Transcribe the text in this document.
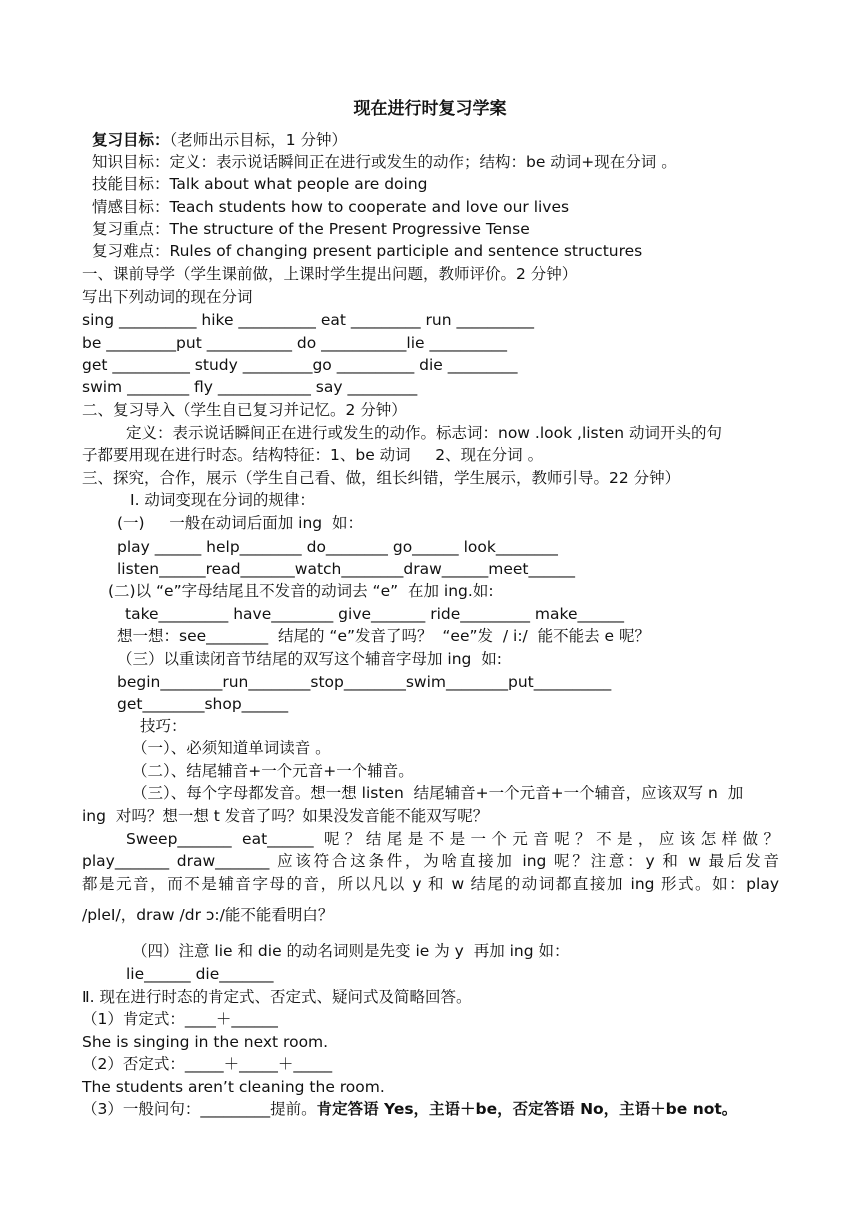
现在进行时复习学案
复习目标：（老师出示目标，1 分钟）
知识目标：定义：表示说话瞬间正在进行或发生的动作；结构：be 动词+现在分词 。
技能目标：Talk about what people are doing
情感目标：Teach students how to cooperate and love our lives
复习重点：The structure of the Present Progressive Tense
复习难点：Rules of changing present participle and sentence structures
一、课前导学（学生课前做，上课时学生提出问题，教师评价。2 分钟）
写出下列动词的现在分词
sing __________ hike __________ eat _________ run __________
be _________put ___________ do ___________lie __________
get __________ study _________go __________ die _________
swim ________ fly ____________ say _________
二、复习导入（学生自已复习并记忆。2 分钟）
定义：表示说话瞬间正在进行或发生的动作。标志词：now .look ,listen 动词开头的句
子都要用现在进行时态。结构特征：1、be 动词     2、现在分词 。
三、探究，合作，展示（学生自己看、做，组长纠错，学生展示，教师引导。22 分钟）
Ⅰ. 动词变现在分词的规律：
(一)     一般在动词后面加 ing  如：
play ______ help________ do________ go______ look________
listen______read_______watch________draw______meet______
(二)以 “e”字母结尾且不发音的动词去 “e”  在加 ing.如:
take_________ have________ give_______ ride_________ make______
想一想：see________  结尾的 “e”发音了吗？  “ee”发  / i:/  能不能去 e 呢？
（三）以重读闭音节结尾的双写这个辅音字母加 ing  如:
begin________run________stop________swim________put__________
get________shop______
技巧：
（一）、必须知道单词读音 。
（二）、结尾辅音+一个元音+一个辅音。
（三）、每个字母都发音。想一想 listen  结尾辅音+一个元音+一个辅音，应该双写 n  加
ing  对吗？想一想 t 发音了吗？如果没发音能不能双写呢？
Sweep_______ eat______ 呢？结尾是不是一个元音呢？不是，应该怎样做？
play_______ draw_______ 应该符合这条件，为啥直接加 ing 呢？注意：y 和 w 最后发音
都是元音，而不是辅音字母的音，所以凡以 y 和 w 结尾的动词都直接加 ing 形式。如：play
/pleI/，draw /dr ɔ:/能不能看明白？
（四）注意 lie 和 die 的动名词则是先变 ie 为 y  再加 ing 如：
lie______ die_______
Ⅱ. 现在进行时态的肯定式、否定式、疑问式及简略回答。
（1）肯定式：____＋______
She is singing in the next room.
（2）否定式：_____＋_____＋_____
The students aren’t cleaning the room.
（3）一般问句：_________提前。肯定答语 Yes，主语＋be，否定答语 No，主语＋be not。
